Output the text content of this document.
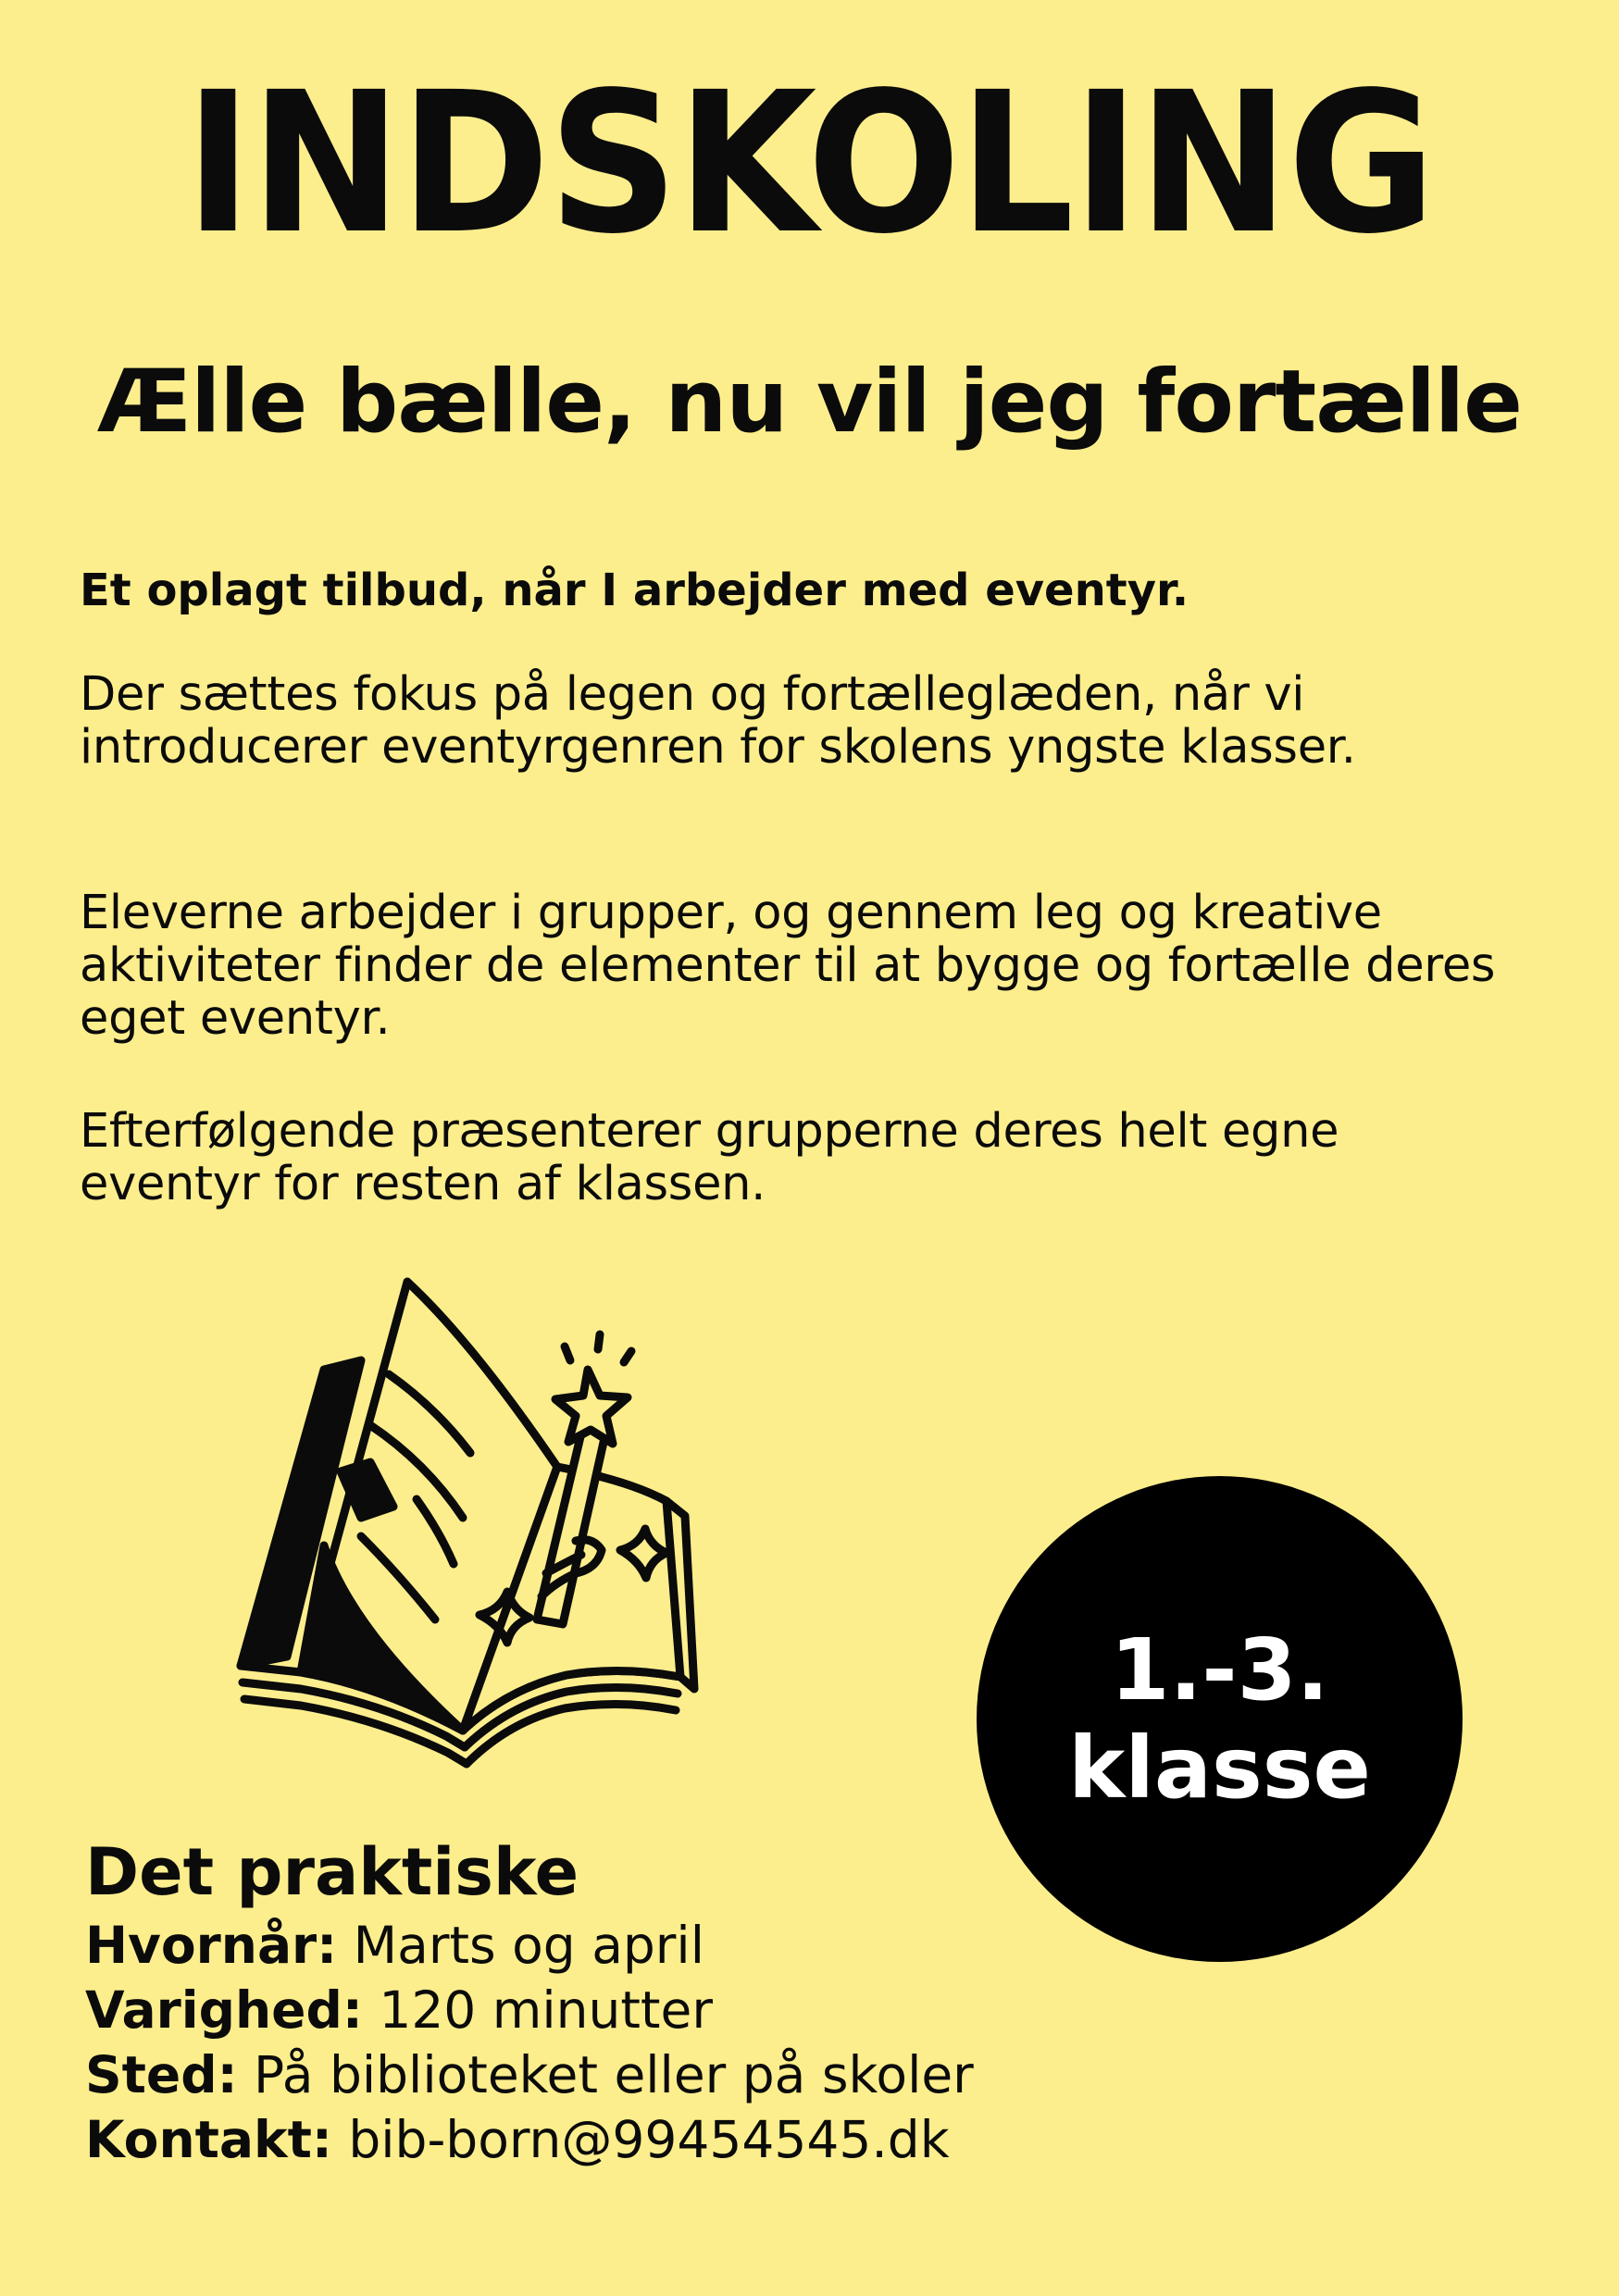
INDSKOLING
Ælle bælle, nu vil jeg fortælle

Et oplagt tilbud, når I arbejder med eventyr.

Der sættes fokus på legen og fortælleglæden, når vi introducerer eventyrgenren for skolens yngste klasser.

Eleverne arbejder i grupper, og gennem leg og kreative aktiviteter finder de elementer til at bygge og fortælle deres eget eventyr.

Efterfølgende præsenterer grupperne deres helt egne eventyr for resten af klassen.

1.-3.
klasse
Det praktiske

Hvornår: Marts og april

Varighed: 120 minutter

Sted: På biblioteket eller på skoler

Kontakt: bib-born@99454545.dk
